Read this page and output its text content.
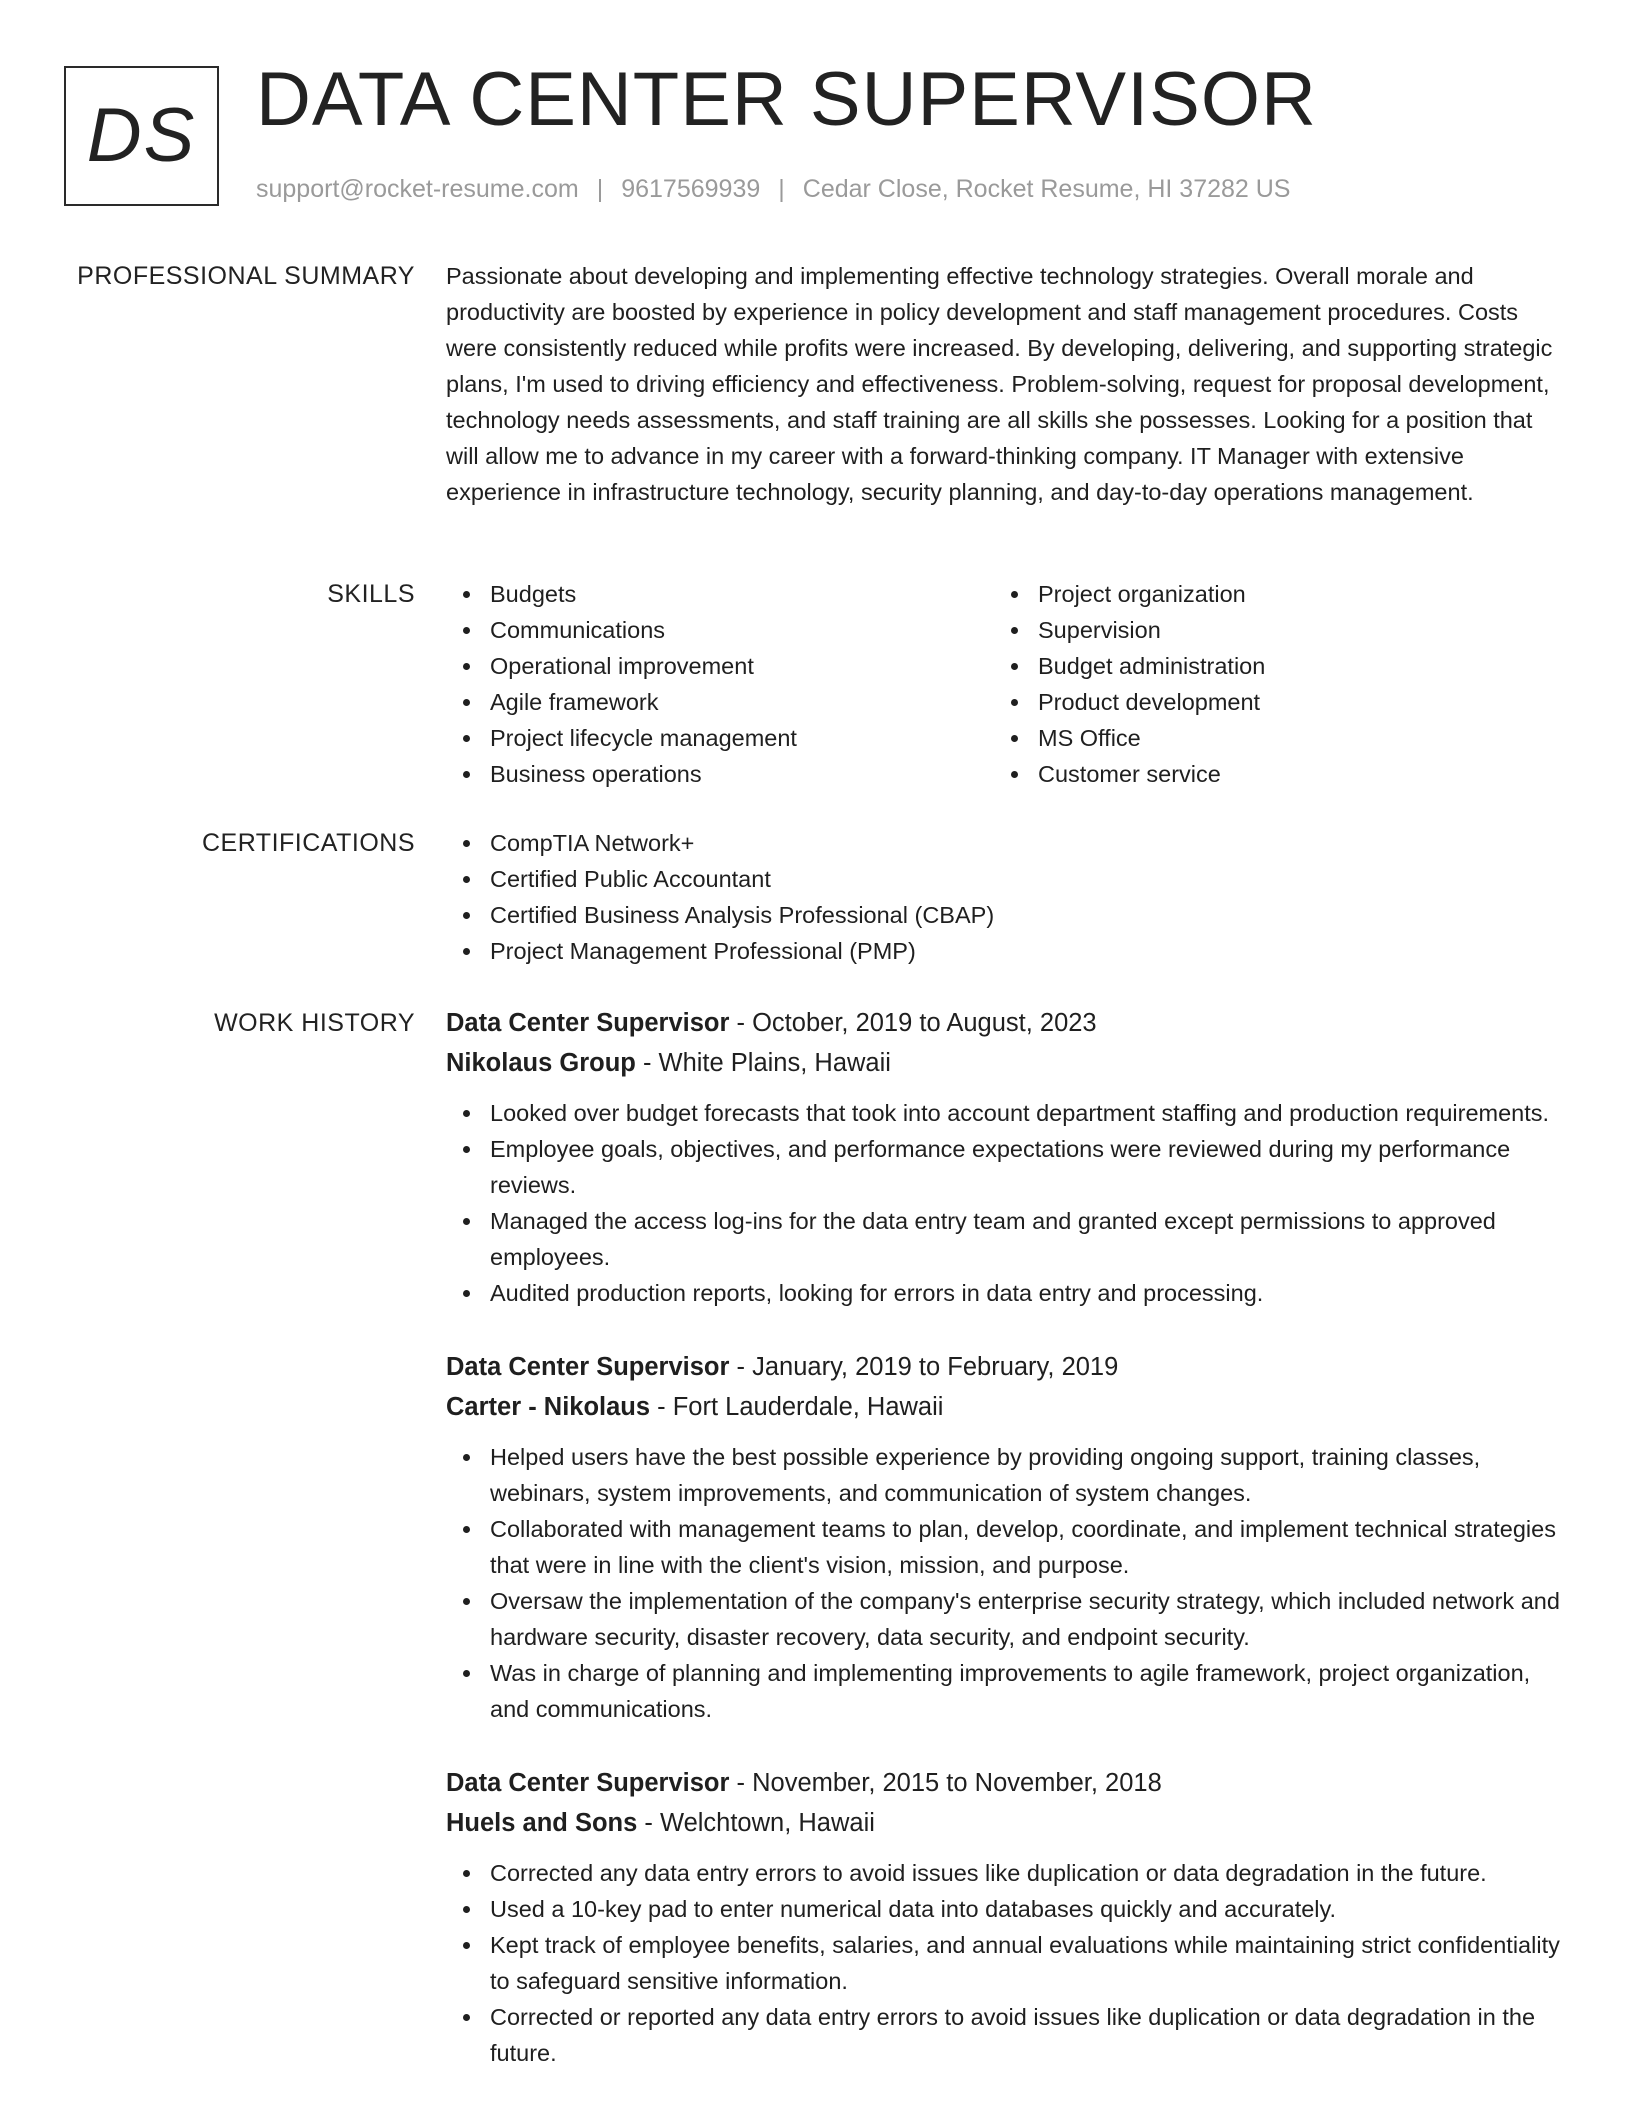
DS DATA CENTER SUPERVISOR
support@rocket-resume.com | 9617569939 | Cedar Close, Rocket Resume, HI 37282 US
PROFESSIONAL SUMMARY Passionate about developing and implementing effective technology strategies. Overall morale and productivity are boosted by experience in policy development and staff management procedures. Costs were consistently reduced while profits were increased. By developing, delivering, and supporting strategic plans, I'm used to driving efficiency and effectiveness. Problem-solving, request for proposal development, technology needs assessments, and staff training are all skills she possesses. Looking for a position that will allow me to advance in my career with a forward-thinking company. IT Manager with extensive experience in infrastructure technology, security planning, and day-to-day operations management.

SKILLS	Budgets
Communications
Operational improvement
Agile framework
Project lifecycle management
Business operations
Project organization
Supervision
Budget administration
Product development
MS Office
Customer service
CERTIFICATIONS	CompTIA Network+
Certified Public Accountant
Certified Business Analysis Professional (CBAP)
Project Management Professional (PMP)
WORK HISTORY Data Center Supervisor - October, 2019 to August, 2023
Nikolaus Group - White Plains, Hawaii
Looked over budget forecasts that took into account department staffing and production requirements.
Employee goals, objectives, and performance expectations were reviewed during my performance reviews.
Managed the access log-ins for the data entry team and granted except permissions to approved employees.
Audited production reports, looking for errors in data entry and processing.
Data Center Supervisor - January, 2019 to February, 2019
Carter - Nikolaus - Fort Lauderdale, Hawaii
Helped users have the best possible experience by providing ongoing support, training classes, webinars, system improvements, and communication of system changes.
Collaborated with management teams to plan, develop, coordinate, and implement technical strategies that were in line with the client's vision, mission, and purpose.
Oversaw the implementation of the company's enterprise security strategy, which included network and hardware security, disaster recovery, data security, and endpoint security.
Was in charge of planning and implementing improvements to agile framework, project organization, and communications.
Data Center Supervisor - November, 2015 to November, 2018
Huels and Sons - Welchtown, Hawaii
Corrected any data entry errors to avoid issues like duplication or data degradation in the future.
Used a 10-key pad to enter numerical data into databases quickly and accurately.
Kept track of employee benefits, salaries, and annual evaluations while maintaining strict confidentiality to safeguard sensitive information.
Corrected or reported any data entry errors to avoid issues like duplication or data degradation in the future.
